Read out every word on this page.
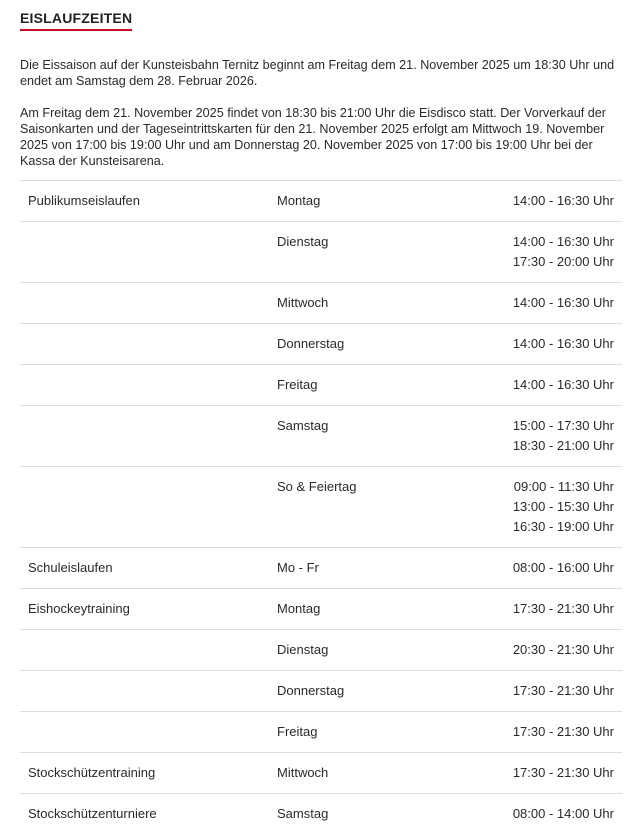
EISLAUFZEITEN

Die Eissaison auf der Kunsteisbahn Ternitz beginnt am Freitag dem 21. November 2025 um 18:30 Uhr und endet am Samstag dem 28. Februar 2026.

Am Freitag dem 21. November 2025 findet von 18:30 bis 21:00 Uhr die Eisdisco statt. Der Vorverkauf der Saisonkarten und der Tageseintrittskarten für den 21. November 2025 erfolgt am Mittwoch 19. November 2025 von 17:00 bis 19:00 Uhr und am Donnerstag 20. November 2025 von 17:00 bis 19:00 Uhr bei der Kassa der Kunsteisarena.

Publikumseislaufen	Montag	14:00 - 16:30 Uhr

	Dienstag	14:00 - 16:30 Uhr
17:30 - 20:00 Uhr

	Mittwoch	14:00 - 16:30 Uhr

	Donnerstag	14:00 - 16:30 Uhr

	Freitag	14:00 - 16:30 Uhr

	Samstag	15:00 - 17:30 Uhr
18:30 - 21:00 Uhr

	So & Feiertag	09:00 - 11:30 Uhr
13:00 - 15:30 Uhr
16:30 - 19:00 Uhr

Schuleislaufen	Mo - Fr	08:00 - 16:00 Uhr

Eishockeytraining	Montag	17:30 - 21:30 Uhr

	Dienstag	20:30 - 21:30 Uhr

	Donnerstag	17:30 - 21:30 Uhr

	Freitag	17:30 - 21:30 Uhr

Stockschützentraining	Mittwoch	17:30 - 21:30 Uhr

Stockschützenturniere	Samstag	08:00 - 14:00 Uhr
